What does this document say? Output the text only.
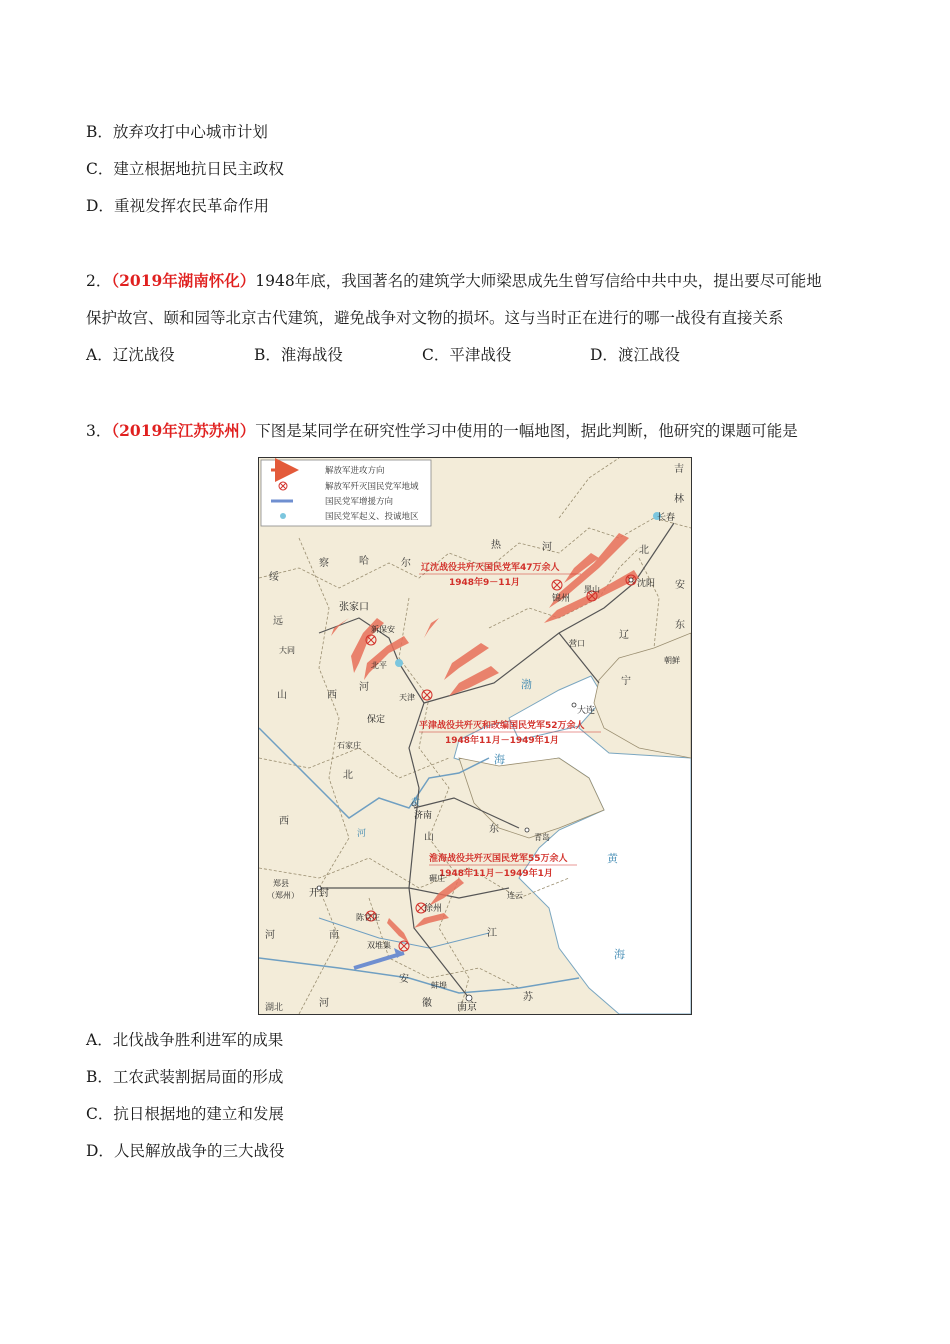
B．放弃攻打中心城市计划
C．建立根据地抗日民主政权
D．重视发挥农民革命作用
2．（2019年湖南怀化）1948年底，我国著名的建筑学大师梁思成先生曾写信给中共中央，提出要尽可能地
保护故宫、颐和园等北京古代建筑，避免战争对文物的损坏。这与当时正在进行的哪一战役有直接关系
A．辽沈战役	B．淮海战役	C．平津战役	D．渡江战役
3．（2019年江苏苏州）下图是某同学在研究性学习中使用的一幅地图，据此判断，他研究的课题可能是
解放军进攻方向
解放军歼灭国民党军地域
国民党军增援方向
国民党军起义、投诚地区
辽沈战役共歼灭国民党军47万余人
1948年9－11月
平津战役共歼灭和改编国民党军52万余人
1948年11月－1949年1月
淮海战役共歼灭国民党军55万余人
1948年11月－1949年1月
长春
沈阳
黑山
锦州
营口
大连
张家口
新保安
大同
北平
天津
保定
石家庄
济南
青岛
连云
徐州
碾庄
陈官庄
双堆集
郑县
（郑州） 开封
蚌埠
南京
朝鲜
吉
林
北
安
东
辽
宁
热	河
察	哈	尔
绥
远
山	西
河
北
西
山
东
河	南
安
徽
江
苏
湖北	河
黄
河
渤
海
黄
海
A．北伐战争胜利进军的成果
B．工农武装割据局面的形成
C．抗日根据地的建立和发展
D．人民解放战争的三大战役
